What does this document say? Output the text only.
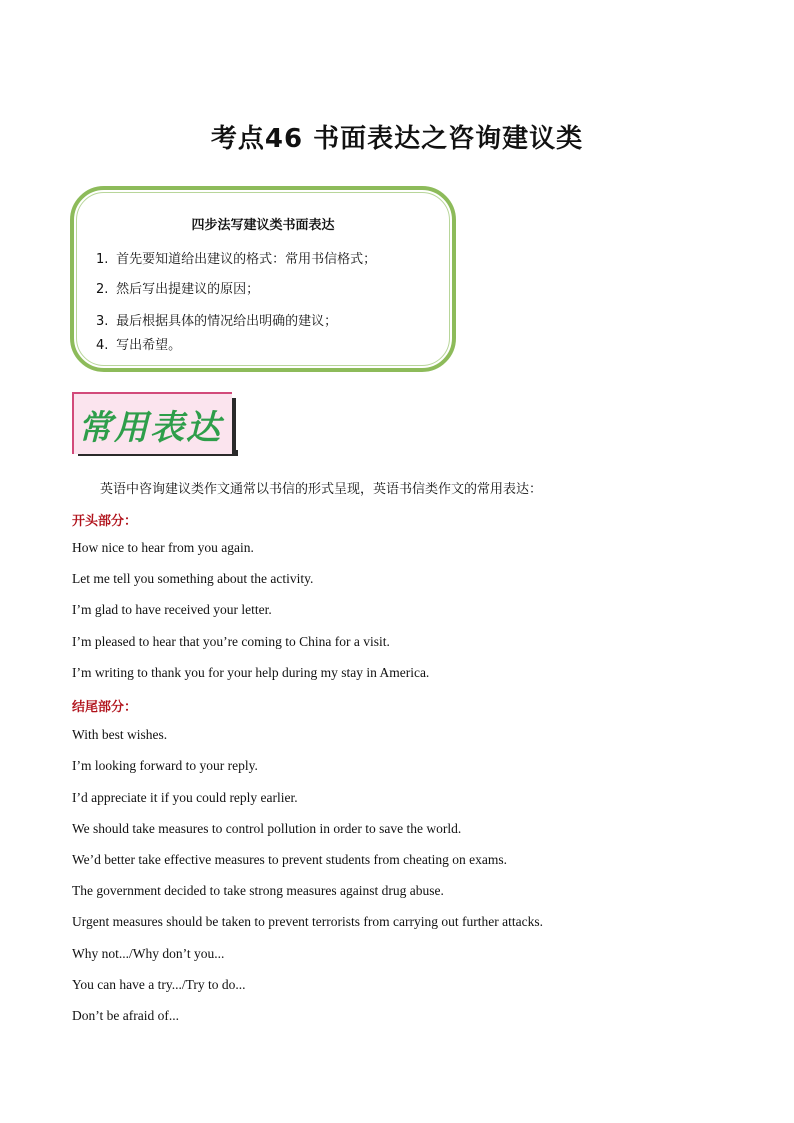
考点46 书面表达之咨询建议类
四步法写建议类书面表达
1. 首先要知道给出建议的格式：常用书信格式；
2. 然后写出提建议的原因；
3. 最后根据具体的情况给出明确的建议；
4. 写出希望。
常用表达
英语中咨询建议类作文通常以书信的形式呈现，英语书信类作文的常用表达：
开头部分：
How nice to hear from you again.
Let me tell you something about the activity.
I’m glad to have received your letter.
I’m pleased to hear that you’re coming to China for a visit.
I’m writing to thank you for your help during my stay in America.
结尾部分：
With best wishes.
I’m looking forward to your reply.
I’d appreciate it if you could reply earlier.
We should take measures to control pollution in order to save the world.
We’d better take effective measures to prevent students from cheating on exams.
The government decided to take strong measures against drug abuse.
Urgent measures should be taken to prevent terrorists from carrying out further attacks.
Why not.../Why don’t you...
You can have a try.../Try to do...
Don’t be afraid of...
